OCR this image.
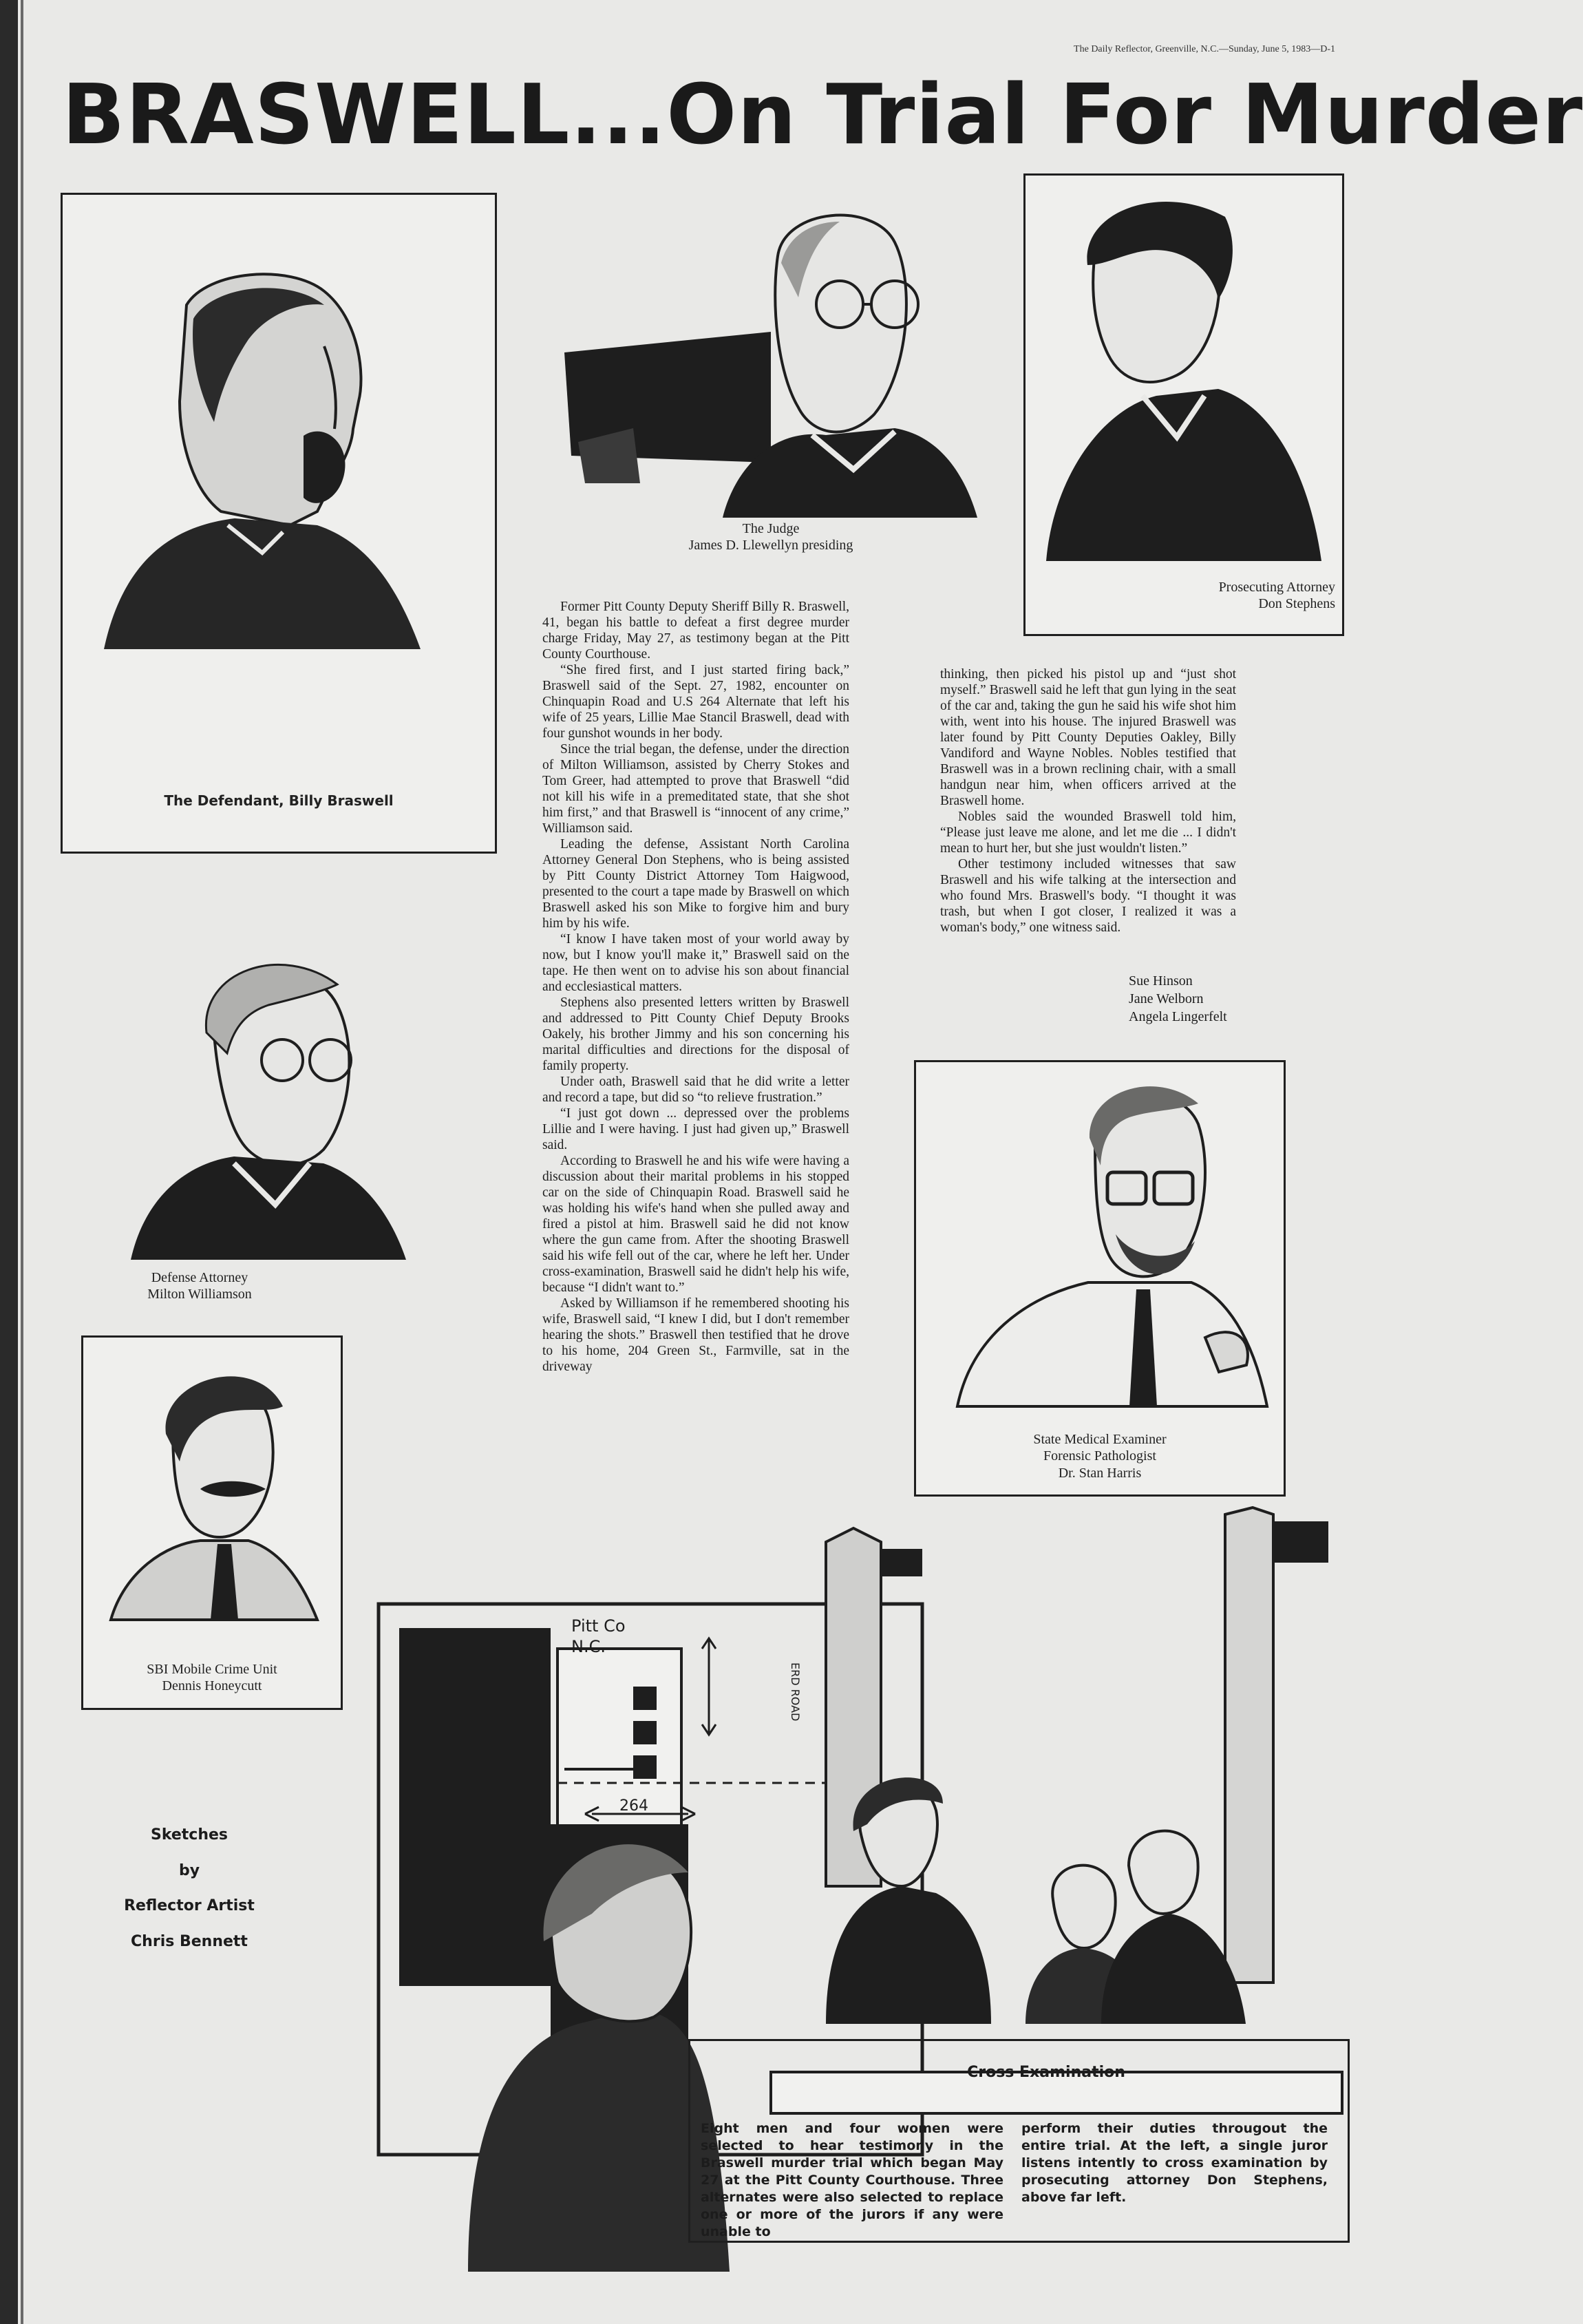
The Daily Reflector, Greenville, N.C.—Sunday, June 5, 1983—D-1
BRASWELL...On Trial For Murder
The Defendant, Billy Braswell
The Judge
James D. Llewellyn presiding
Prosecuting Attorney
Don Stephens
Defense Attorney
Milton Williamson
SBI Mobile Crime Unit
Dennis Honeycutt

Former Pitt County Deputy Sheriff Billy R. Braswell, 41, began his battle to defeat a first degree murder charge Friday, May 27, as testimony began at the Pitt County Courthouse.

“She fired first, and I just started firing back,” Braswell said of the Sept. 27, 1982, encounter on Chinquapin Road and U.S 264 Alternate that left his wife of 25 years, Lillie Mae Stancil Braswell, dead with four gunshot wounds in her body.

Since the trial began, the defense, under the direction of Milton Williamson, assisted by Cherry Stokes and Tom Greer, had attempted to prove that Braswell “did not kill his wife in a premeditated state, that she shot him first,” and that Braswell is “innocent of any crime,” Williamson said.

Leading the defense, Assistant North Carolina Attorney General Don Stephens, who is being assisted by Pitt County District Attorney Tom Haigwood, presented to the court a tape made by Braswell on which Braswell asked his son Mike to forgive him and bury him by his wife.

“I know I have taken most of your world away by now, but I know you'll make it,” Braswell said on the tape. He then went on to advise his son about financial and ecclesiastical matters.

Stephens also presented letters written by Braswell and addressed to Pitt County Chief Deputy Brooks Oakely, his brother Jimmy and his son concerning his marital difficulties and directions for the disposal of family property.

Under oath, Braswell said that he did write a letter and record a tape, but did so “to relieve frustration.”

“I just got down ... depressed over the problems Lillie and I were having. I just had given up,” Braswell said.

According to Braswell he and his wife were having a discussion about their marital problems in his stopped car on the side of Chinquapin Road. Braswell said he was holding his wife's hand when she pulled away and fired a pistol at him. Braswell said he did not know where the gun came from. After the shooting Braswell said his wife fell out of the car, where he left her. Under cross-examination, Braswell said he didn't help his wife, because “I didn't want to.”

Asked by Williamson if he remembered shooting his wife, Braswell said, “I knew I did, but I don't remember hearing the shots.” Braswell then testified that he drove to his home, 204 Green St., Farmville, sat in the driveway

thinking, then picked his pistol up and “just shot myself.” Braswell said he left that gun lying in the seat of the car and, taking the gun he said his wife shot him with, went into his house. The injured Braswell was later found by Pitt County Deputies Oakley, Billy Vandiford and Wayne Nobles. Nobles testified that Braswell was in a brown reclining chair, with a small handgun near him, when officers arrived at the Braswell home.

Nobles said the wounded Braswell told him, “Please just leave me alone, and let me die ... I didn't mean to hurt her, but she just wouldn't listen.”

Other testimony included witnesses that saw Braswell and his wife talking at the intersection and who found Mrs. Braswell's body. “I thought it was trash, but when I got closer, I realized it was a woman's body,” one witness said.

Sue Hinson
Jane Welborn
Angela Lingerfelt
State Medical Examiner
Forensic Pathologist
Dr. Stan Harris
Pitt Co
N.C.
ERD ROAD
264
Sketches
by
Reflector Artist
Chris Bennett
Cross Examination
Eight men and four women were selected to hear testimony in the Braswell murder trial which began May 27 at the Pitt County Courthouse. Three alternates were also selected to replace one or more of the jurors if any were unable to
perform their duties througout the entire trial. At the left, a single juror listens intently to cross examination by prosecuting attorney Don Stephens, above far left.
